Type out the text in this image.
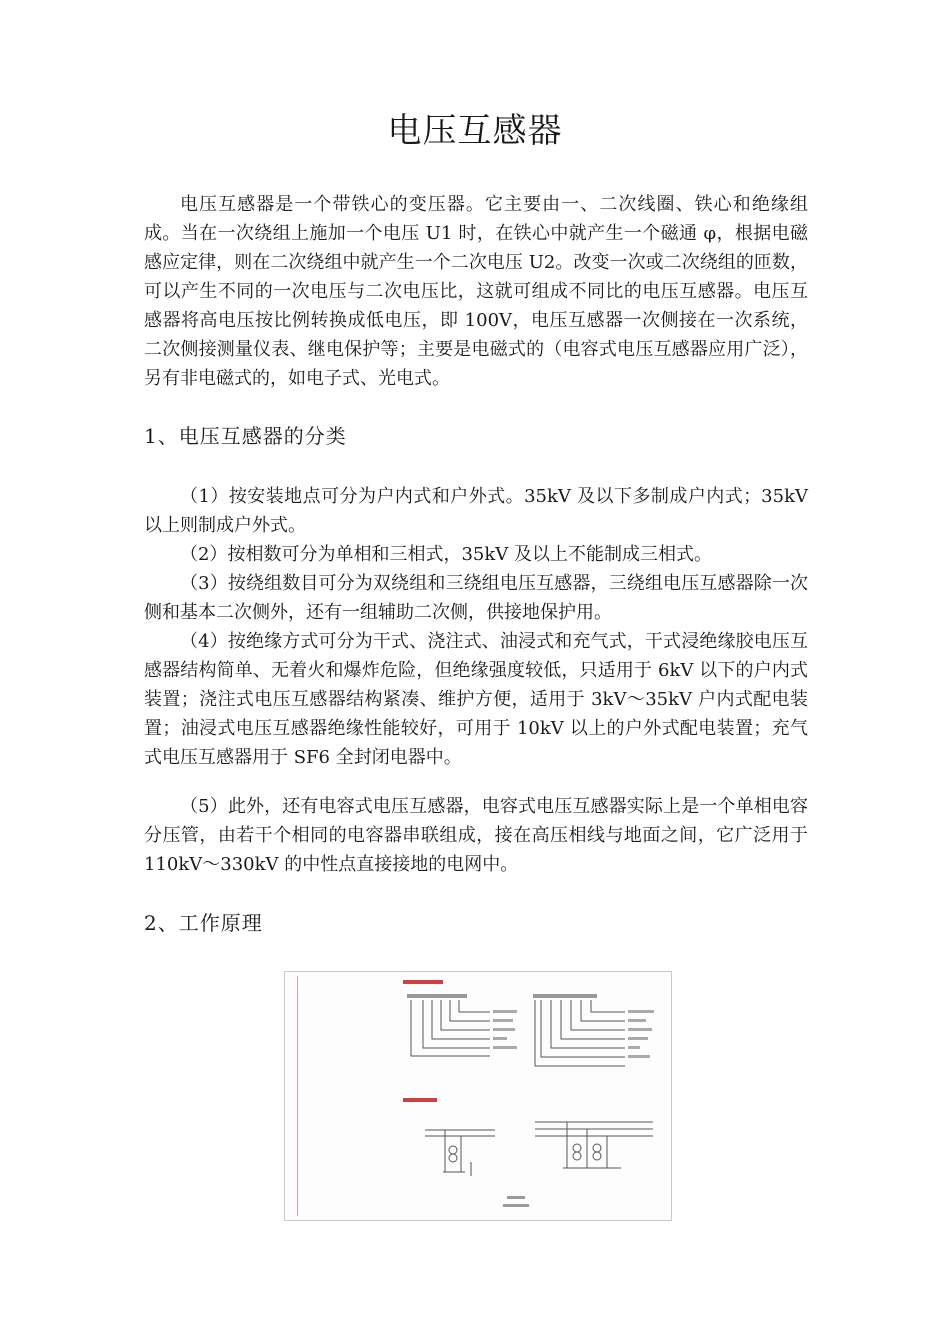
电压互感器

电压互感器是一个带铁心的变压器。它主要由一、二次线圈、铁心和绝缘组成。当在一次绕组上施加一个电压 U1 时，在铁心中就产生一个磁通 φ，根据电磁感应定律，则在二次绕组中就产生一个二次电压 U2。改变一次或二次绕组的匝数，可以产生不同的一次电压与二次电压比，这就可组成不同比的电压互感器。电压互感器将高电压按比例转换成低电压，即 100V，电压互感器一次侧接在一次系统，二次侧接测量仪表、继电保护等；主要是电磁式的（电容式电压互感器应用广泛），另有非电磁式的，如电子式、光电式。

1、电压互感器的分类

（1）按安装地点可分为户内式和户外式。35kV 及以下多制成户内式；35kV 以上则制成户外式。

（2）按相数可分为单相和三相式，35kV 及以上不能制成三相式。

（3）按绕组数目可分为双绕组和三绕组电压互感器，三绕组电压互感器除一次侧和基本二次侧外，还有一组辅助二次侧，供接地保护用。

（4）按绝缘方式可分为干式、浇注式、油浸式和充气式，干式浸绝缘胶电压互感器结构简单、无着火和爆炸危险，但绝缘强度较低，只适用于 6kV 以下的户内式装置；浇注式电压互感器结构紧凑、维护方便，适用于 3kV～35kV 户内式配电装置；油浸式电压互感器绝缘性能较好，可用于 10kV 以上的户外式配电装置；充气式电压互感器用于 SF6 全封闭电器中。

（5）此外，还有电容式电压互感器，电容式电压互感器实际上是一个单相电容分压管，由若干个相同的电容器串联组成，接在高压相线与地面之间，它广泛用于 110kV～330kV 的中性点直接接地的电网中。

2、工作原理
